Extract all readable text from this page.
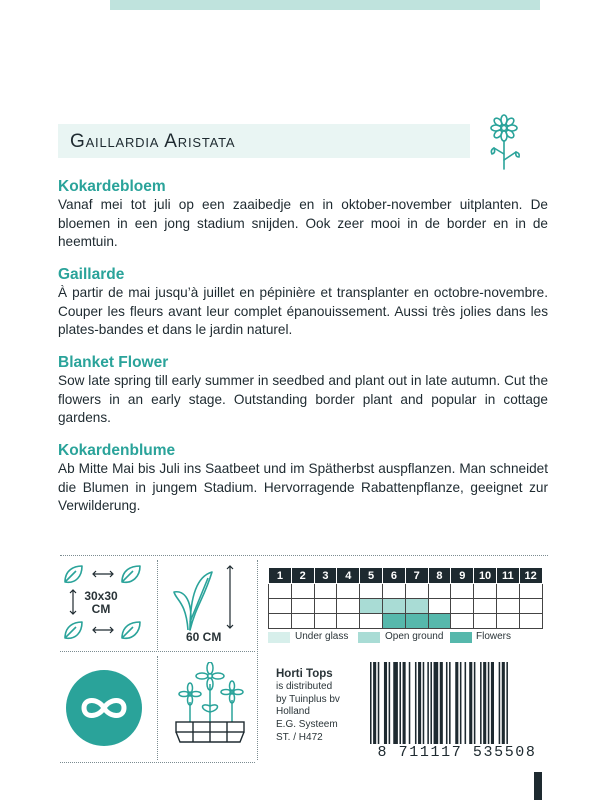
Gaillardia Aristata
Kokardebloem

Vanaf mei tot juli op een zaaibedje en in oktober-november uitplanten. De bloemen in een jong stadium snijden. Ook zeer mooi in de border en in de heemtuin.

Gaillarde

À partir de mai jusqu’à juillet en pépinière et transplanter en octobre-novembre. Couper les fleurs avant leur complet épanouissement. Aussi très jolies dans les plates-bandes et dans le jardin naturel.

Blanket Flower

Sow late spring till early summer in seedbed and plant out in late autumn. Cut the flowers in an early stage. Outstanding border plant and popular in cottage gardens.

Kokardenblume

Ab Mitte Mai bis Juli ins Saatbeet und im Spätherbst auspflanzen. Man schneidet die Blumen in jungem Stadium. Hervorragende Rabattenpflanze, geeignet zur Verwilderung.

30x30
CM
60 CM
1	2	3	4	5	6	7	8	9	10	11	12

Under glass	Open ground	Flowers
Horti Tops
is distributed
by Tuinplus bv
Holland
E.G. Systeem
ST. / H472
8 711117 535508
